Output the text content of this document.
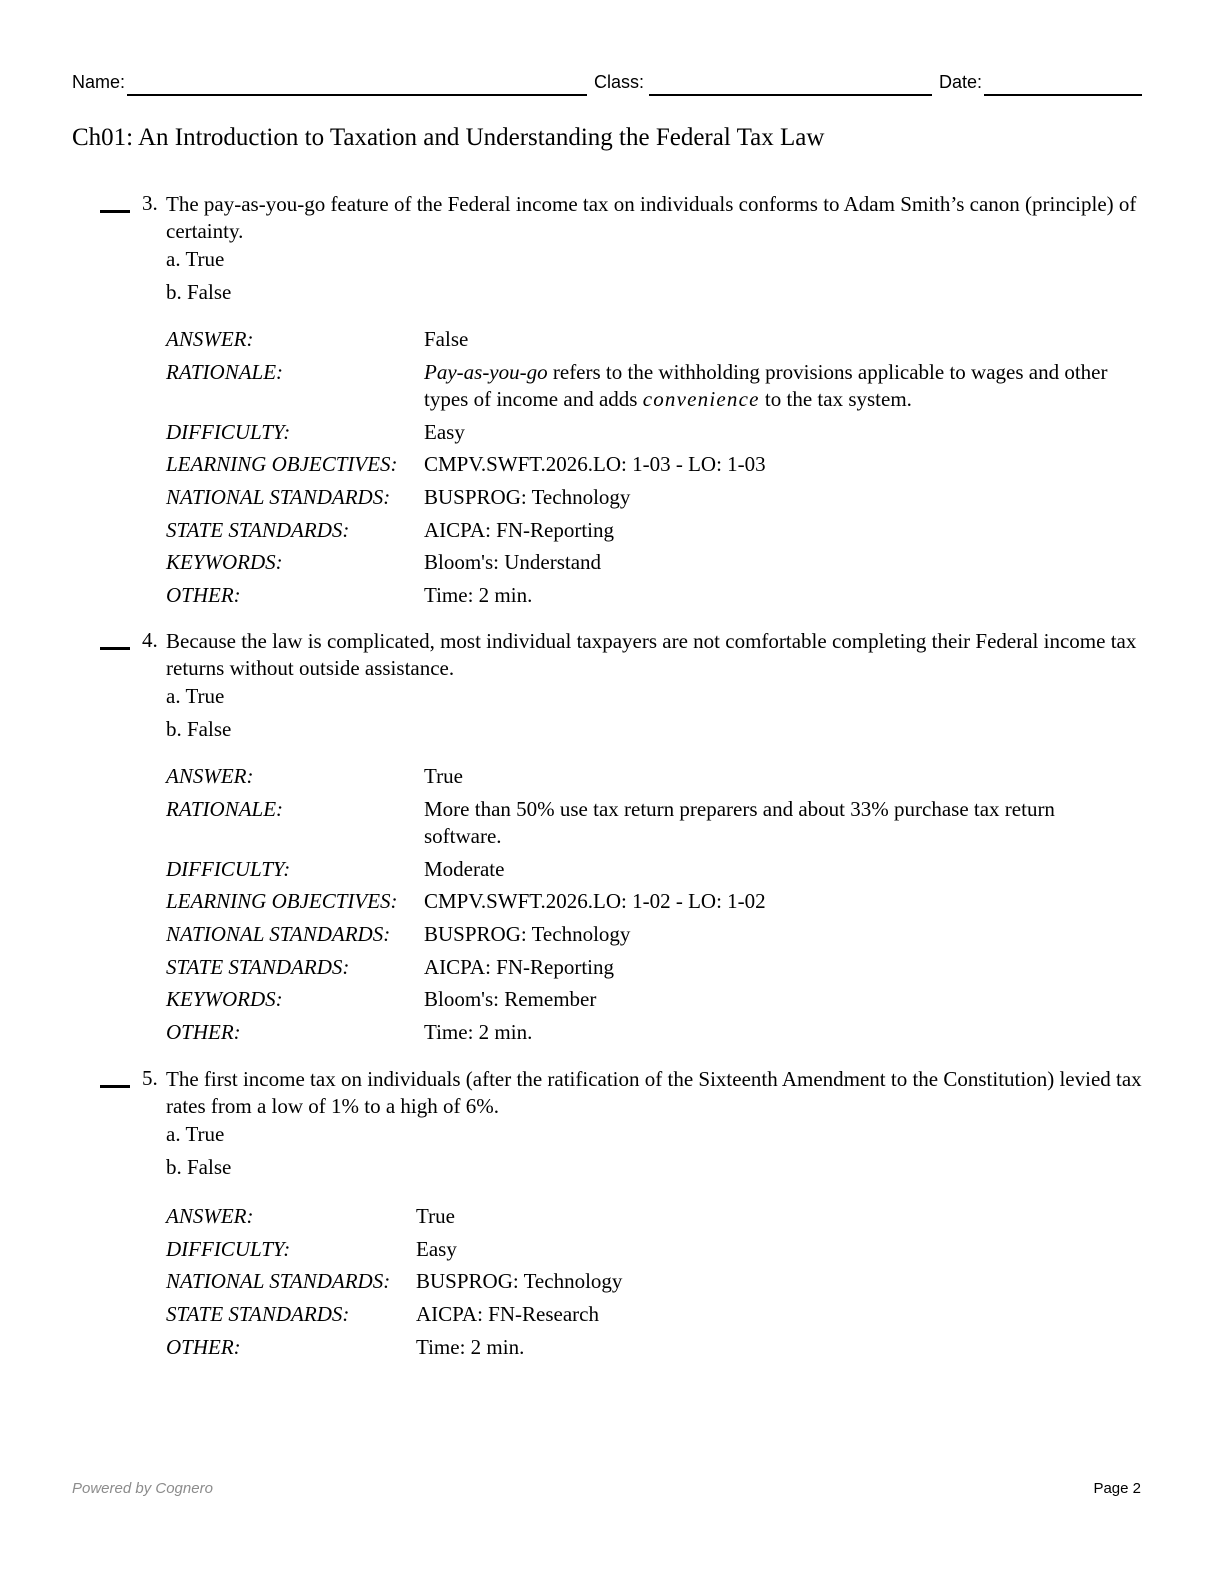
Name:	Class:	Date:
Ch01: An Introduction to Taxation and Understanding the Federal Tax Law
3. The pay-as-you-go feature of the Federal income tax on individuals conforms to Adam Smith’s canon (principle) of certainty.
a. True
b. False
ANSWER:	False
RATIONALE:	Pay-as-you-go refers to the withholding provisions applicable to wages and other types of income and adds convenience to the tax system.
DIFFICULTY:	Easy
LEARNING OBJECTIVES: CMPV.SWFT.2026.LO: 1-03 - LO: 1-03
NATIONAL STANDARDS: BUSPROG: Technology
STATE STANDARDS:	AICPA: FN-Reporting
KEYWORDS:	Bloom's: Understand
OTHER:	Time: 2 min.
4. Because the law is complicated, most individual taxpayers are not comfortable completing their Federal income tax returns without outside assistance.
a. True
b. False
ANSWER:	True
RATIONALE:	More than 50% use tax return preparers and about 33% purchase tax return software.
DIFFICULTY:	Moderate
LEARNING OBJECTIVES: CMPV.SWFT.2026.LO: 1-02 - LO: 1-02
NATIONAL STANDARDS: BUSPROG: Technology
STATE STANDARDS:	AICPA: FN-Reporting
KEYWORDS:	Bloom's: Remember
OTHER:	Time: 2 min.
5. The first income tax on individuals (after the ratification of the Sixteenth Amendment to the Constitution) levied tax rates from a low of 1% to a high of 6%.
a. True
b. False
ANSWER:	True
DIFFICULTY:	Easy
NATIONAL STANDARDS: BUSPROG: Technology
STATE STANDARDS:	AICPA: FN-Research
OTHER:	Time: 2 min.
Powered by Cognero	Page 2
